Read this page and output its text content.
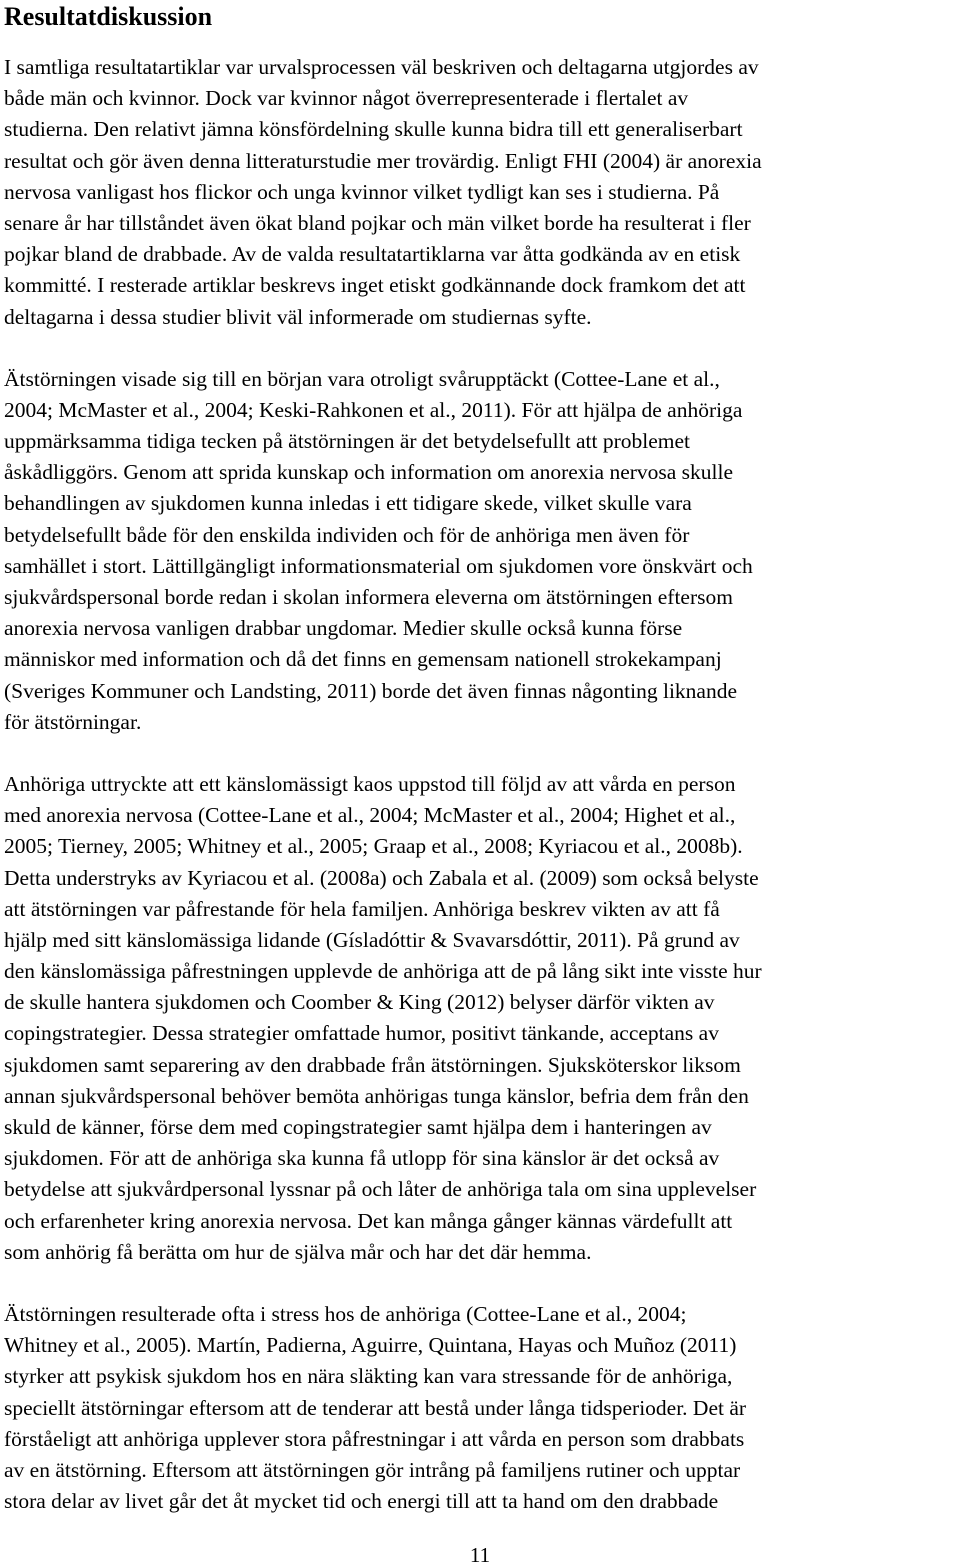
Resultatdiskussion

I samtliga resultatartiklar var urvalsprocessen väl beskriven och deltagarna utgjordes av
både män och kvinnor. Dock var kvinnor något överrepresenterade i flertalet av
studierna. Den relativt jämna könsfördelning skulle kunna bidra till ett generaliserbart
resultat och gör även denna litteraturstudie mer trovärdig. Enligt FHI (2004) är anorexia
nervosa vanligast hos flickor och unga kvinnor vilket tydligt kan ses i studierna. På
senare år har tillståndet även ökat bland pojkar och män vilket borde ha resulterat i fler
pojkar bland de drabbade. Av de valda resultatartiklarna var åtta godkända av en etisk
kommitté. I resterade artiklar beskrevs inget etiskt godkännande dock framkom det att
deltagarna i dessa studier blivit väl informerade om studiernas syfte.

Ätstörningen visade sig till en början vara otroligt svårupptäckt (Cottee-Lane et al.,
2004; McMaster et al., 2004; Keski-Rahkonen et al., 2011). För att hjälpa de anhöriga
uppmärksamma tidiga tecken på ätstörningen är det betydelsefullt att problemet
åskådliggörs. Genom att sprida kunskap och information om anorexia nervosa skulle
behandlingen av sjukdomen kunna inledas i ett tidigare skede, vilket skulle vara
betydelsefullt både för den enskilda individen och för de anhöriga men även för
samhället i stort. Lättillgängligt informationsmaterial om sjukdomen vore önskvärt och
sjukvårdspersonal borde redan i skolan informera eleverna om ätstörningen eftersom
anorexia nervosa vanligen drabbar ungdomar. Medier skulle också kunna förse
människor med information och då det finns en gemensam nationell strokekampanj
(Sveriges Kommuner och Landsting, 2011) borde det även finnas någonting liknande
för ätstörningar.

Anhöriga uttryckte att ett känslomässigt kaos uppstod till följd av att vårda en person
med anorexia nervosa (Cottee-Lane et al., 2004; McMaster et al., 2004; Highet et al.,
2005; Tierney, 2005; Whitney et al., 2005; Graap et al., 2008; Kyriacou et al., 2008b).
Detta understryks av Kyriacou et al. (2008a) och Zabala et al. (2009) som också belyste
att ätstörningen var påfrestande för hela familjen. Anhöriga beskrev vikten av att få
hjälp med sitt känslomässiga lidande (Gísladóttir & Svavarsdóttir, 2011). På grund av
den känslomässiga påfrestningen upplevde de anhöriga att de på lång sikt inte visste hur
de skulle hantera sjukdomen och Coomber & King (2012) belyser därför vikten av
copingstrategier. Dessa strategier omfattade humor, positivt tänkande, acceptans av
sjukdomen samt separering av den drabbade från ätstörningen. Sjuksköterskor liksom
annan sjukvårdspersonal behöver bemöta anhörigas tunga känslor, befria dem från den
skuld de känner, förse dem med copingstrategier samt hjälpa dem i hanteringen av
sjukdomen. För att de anhöriga ska kunna få utlopp för sina känslor är det också av
betydelse att sjukvårdpersonal lyssnar på och låter de anhöriga tala om sina upplevelser
och erfarenheter kring anorexia nervosa. Det kan många gånger kännas värdefullt att
som anhörig få berätta om hur de själva mår och har det där hemma.

Ätstörningen resulterade ofta i stress hos de anhöriga (Cottee-Lane et al., 2004;
Whitney et al., 2005). Martín, Padierna, Aguirre, Quintana, Hayas och Muñoz (2011)
styrker att psykisk sjukdom hos en nära släkting kan vara stressande för de anhöriga,
speciellt ätstörningar eftersom att de tenderar att bestå under långa tidsperioder. Det är
förståeligt att anhöriga upplever stora påfrestningar i att vårda en person som drabbats
av en ätstörning. Eftersom att ätstörningen gör intrång på familjens rutiner och upptar
stora delar av livet går det åt mycket tid och energi till att ta hand om den drabbade

11
